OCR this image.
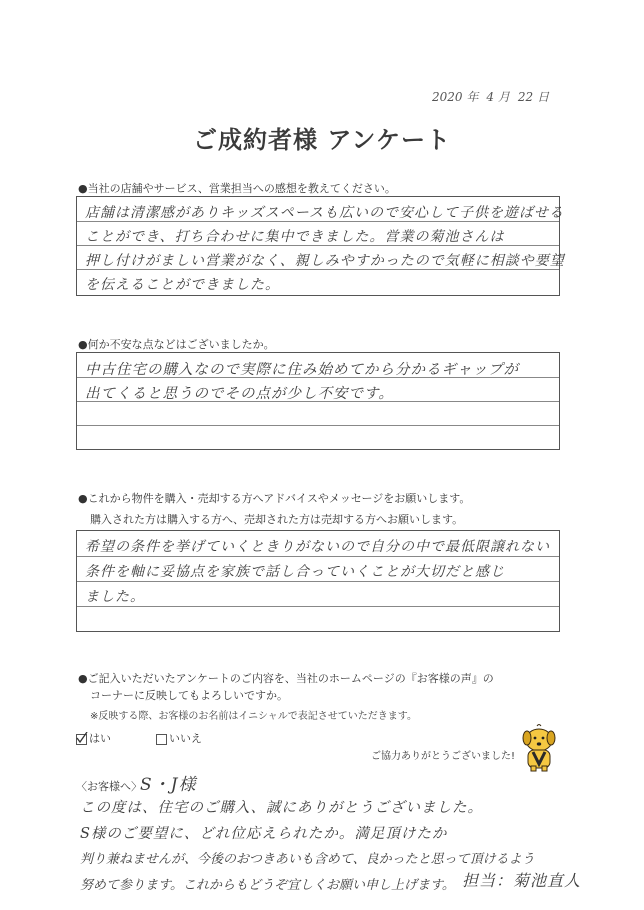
2020 年 4 月 22 日
ご成約者様 アンケート
●当社の店舗やサービス、営業担当への感想を教えてください。
店舗は清潔感がありキッズスペースも広いので安心して子供を遊ばせる
ことができ、打ち合わせに集中できました。営業の菊池さんは
押し付けがましい営業がなく、親しみやすかったので気軽に相談や要望
を伝えることができました。
●何か不安な点などはございましたか。
中古住宅の購入なので実際に住み始めてから分かるギャップが
出てくると思うのでその点が少し不安です。
●これから物件を購入・売却する方へアドバイスやメッセージをお願いします。
購入された方は購入する方へ、売却された方は売却する方へお願いします。
希望の条件を挙げていくときりがないので自分の中で最低限譲れない
条件を軸に妥協点を家族で話し合っていくことが大切だと感じ
ました。
●ご記入いただいたアンケートのご内容を、当社のホームページの『お客様の声』の
コーナーに反映してもよろしいですか。
※反映する際、お客様のお名前はイニシャルで表記させていただきます。
はい	いいえ
ご協力ありがとうございました!
〈お客様へ〉
S・J様
この度は、住宅のご購入、誠にありがとうございました。
S様のご要望に、どれ位応えられたか。満足頂けたか
判り兼ねませんが、今後のおつきあいも含めて、良かったと思って頂けるよう
努めて参ります。これからもどうぞ宜しくお願い申し上げます。 担当：菊池直人
